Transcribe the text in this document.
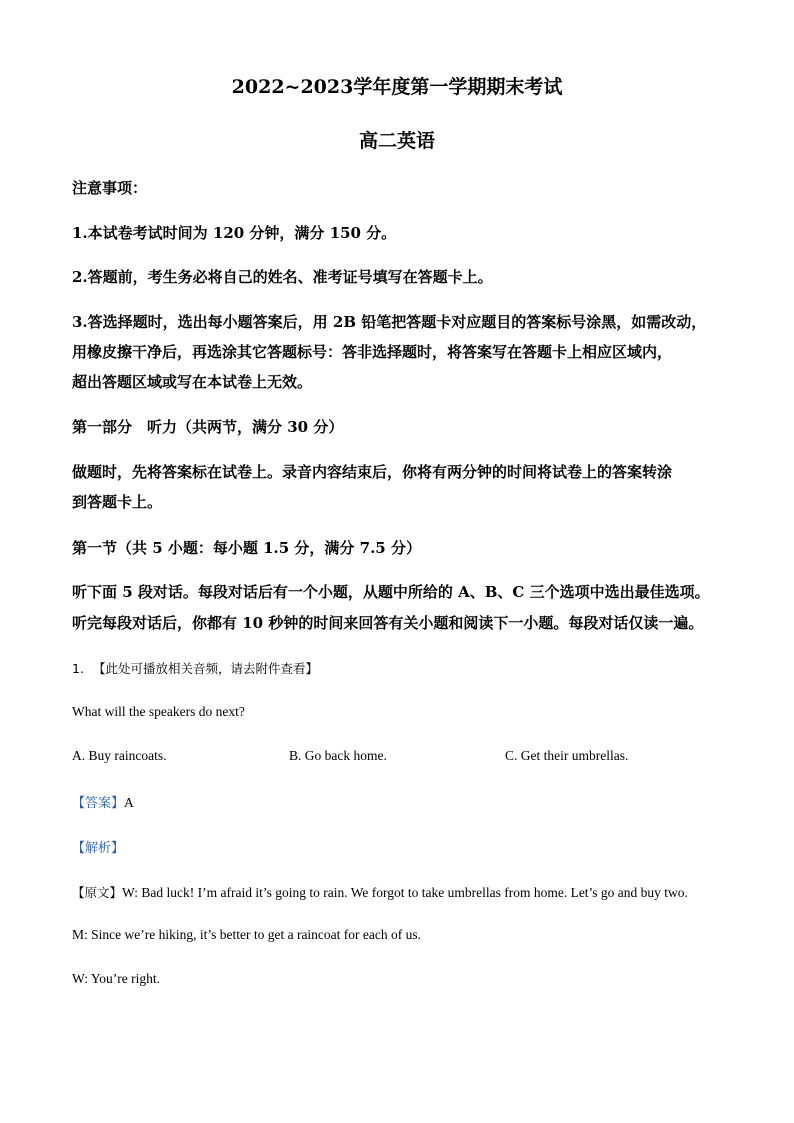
2022~2023学年度第一学期期末考试

高二英语

注意事项：

1.本试卷考试时间为 120 分钟，满分 150 分。

2.答题前，考生务必将自己的姓名、准考证号填写在答题卡上。

3.答选择题时，选出每小题答案后，用 2B 铅笔把答题卡对应题目的答案标号涂黑，如需改动，

用橡皮擦干净后，再选涂其它答题标号：答非选择题时，将答案写在答题卡上相应区域内，

超出答题区域或写在本试卷上无效。

第一部分　听力（共两节，满分 30 分）

做题时，先将答案标在试卷上。录音内容结束后，你将有两分钟的时间将试卷上的答案转涂

到答题卡上。

第一节（共 5 小题：每小题 1.5 分，满分 7.5 分）

听下面 5 段对话。每段对话后有一个小题，从题中所给的 A、B、C 三个选项中选出最佳选项。

听完每段对话后，你都有 10 秒钟的时间来回答有关小题和阅读下一小题。每段对话仅读一遍。

1. 【此处可播放相关音频，请去附件查看】

What will the speakers do next?

A. Buy raincoats.	B. Go back home.	C. Get their umbrellas.

【答案】A

【解析】

【原文】W: Bad luck! I’m afraid it’s going to rain. We forgot to take umbrellas from home. Let’s go and buy two.

M: Since we’re hiking, it’s better to get a raincoat for each of us.

W: You’re right.
